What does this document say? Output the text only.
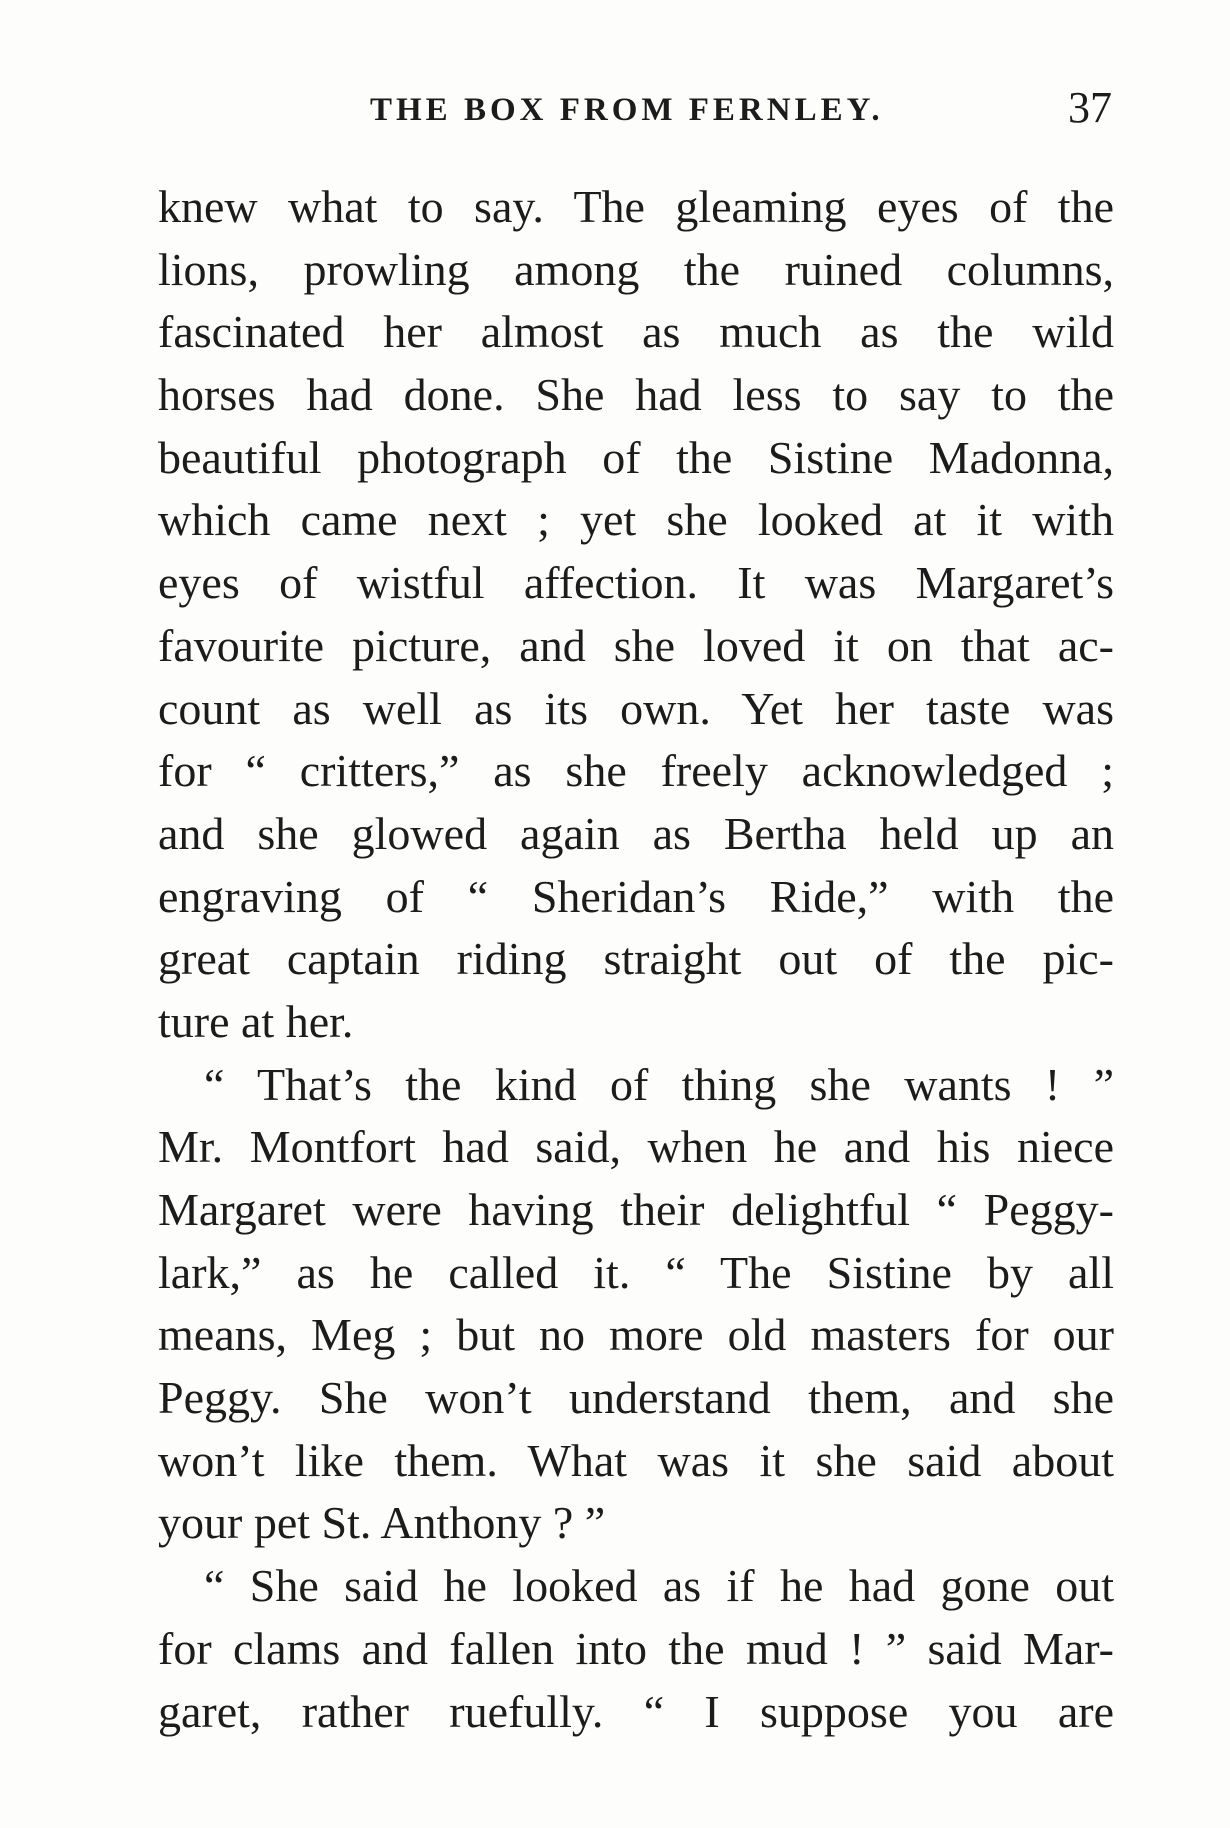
THE BOX FROM FERNLEY.	37
knew what to say. The gleaming eyes of the
lions, prowling among the ruined columns,
fascinated her almost as much as the wild
horses had done. She had less to say to the
beautiful photograph of the Sistine Madonna,
which came next ; yet she looked at it with
eyes of wistful affection. It was Margaret’s
favourite picture, and she loved it on that ac-
count as well as its own. Yet her taste was
for “ critters,” as she freely acknowledged ;
and she glowed again as Bertha held up an
engraving of “ Sheridan’s Ride,” with the
great captain riding straight out of the pic-
ture at her.
“ That’s the kind of thing she wants ! ”
Mr. Montfort had said, when he and his niece
Margaret were having their delightful “ Peggy-
lark,” as he called it. “ The Sistine by all
means, Meg ; but no more old masters for our
Peggy. She won’t understand them, and she
won’t like them. What was it she said about
your pet St. Anthony ? ”
“ She said he looked as if he had gone out
for clams and fallen into the mud ! ” said Mar-
garet, rather ruefully. “ I suppose you are
